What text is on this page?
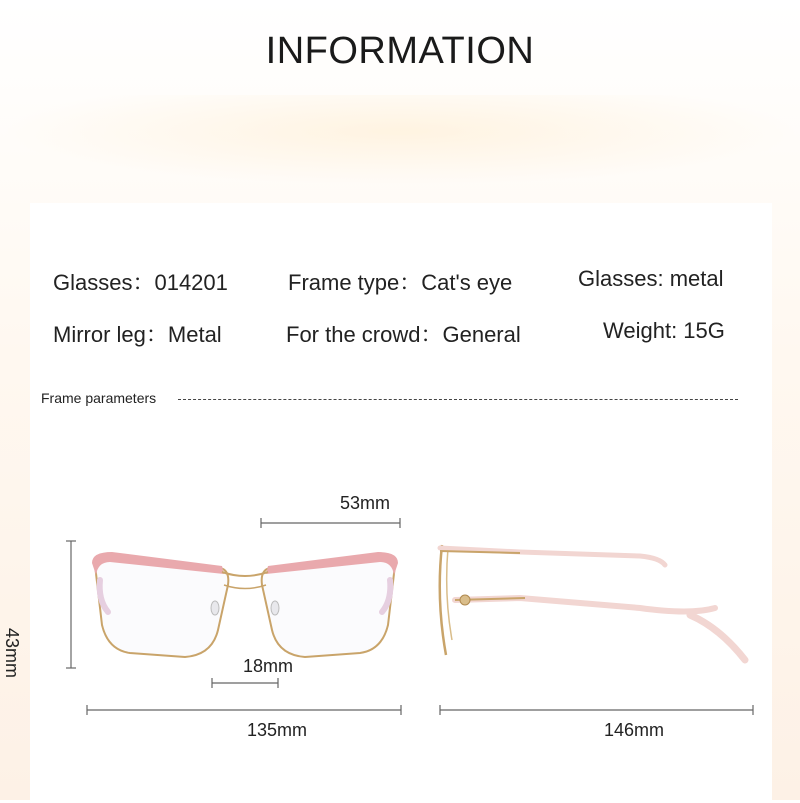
INFORMATION
Glasses：014201	Frame type：Cat's eye	Glasses: metal
Mirror leg：Metal	For the crowd：General	Weight: 15G
Frame parameters
53mm
18mm
135mm	146mm
43mm
